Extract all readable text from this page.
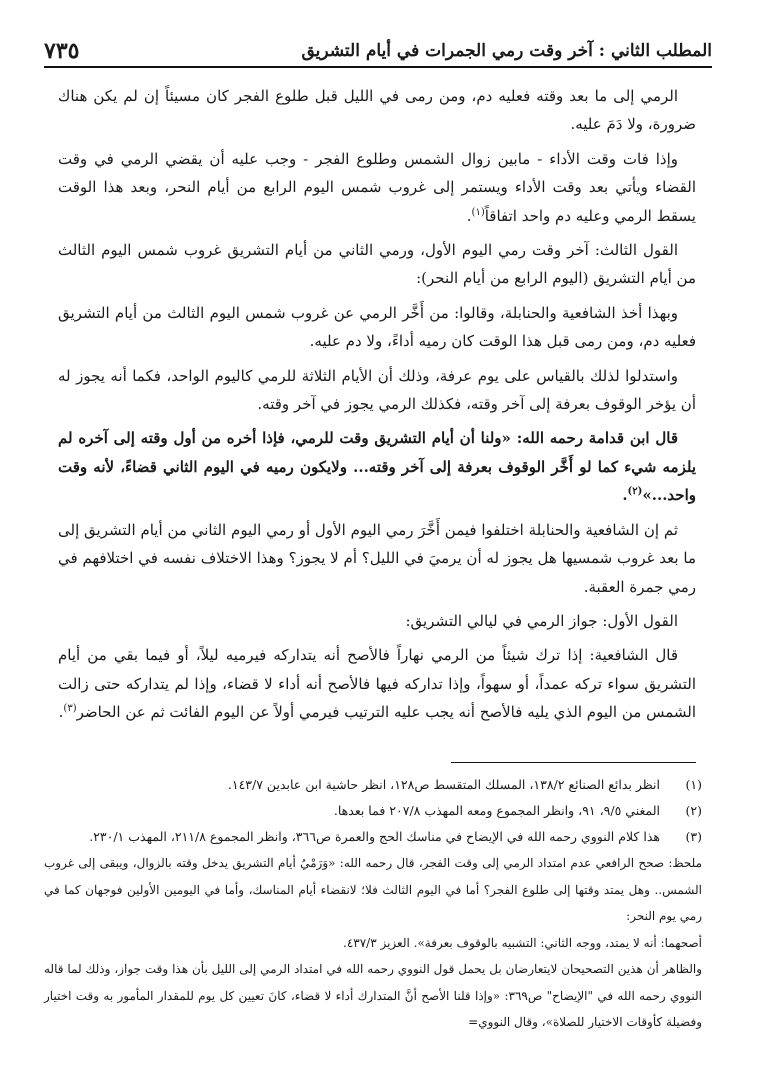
المطلب الثاني : آخر وقت رمي الجمرات في أيام التشريق
٧٣٥

الرمي إلى ما بعد وقته فعليه دم، ومن رمى في الليل قبل طلوع الفجر كان مسيئاً إن لم يكن هناك ضرورة، ولا دَمَ عليه.

وإذا فات وقت الأداء - مابين زوال الشمس وطلوع الفجر - وجب عليه أن يقضي الرمي في وقت القضاء ويأتي بعد وقت الأداء ويستمر إلى غروب شمس اليوم الرابع من أيام النحر، وبعد هذا الوقت يسقط الرمي وعليه دم واحد اتفاقاً$^{(١)}$.

القول الثالث: آخر وقت رمي اليوم الأول، ورمي الثاني من أيام التشريق غروب شمس اليوم الثالث من أيام التشريق (اليوم الرابع من أيام النحر):

وبهذا أخذ الشافعية والحنابلة، وقالوا: من أَخَّر الرمي عن غروب شمس اليوم الثالث من أيام التشريق فعليه دم، ومن رمى قبل هذا الوقت كان رميه أداءً، ولا دم عليه.

واستدلوا لذلك بالقياس على يوم عرفة، وذلك أن الأيام الثلاثة للرمي كاليوم الواحد، فكما أنه يجوز له أن يؤخر الوقوف بعرفة إلى آخر وقته، فكذلك الرمي يجوز في آخر وقته.

قال ابن قدامة رحمه الله: «ولنا أن أيام التشريق وقت للرمي، فإذا أخره من أول وقته إلى آخره لم يلزمه شيء كما لو أَخَّر الوقوف بعرفة إلى آخر وقته... ولايكون رميه في اليوم الثاني قضاءً، لأنه وقت واحد...»$^{(٢)}$.

ثم إن الشافعية والحنابلة اختلفوا فيمن أَخَّرَ رمي اليوم الأول أو رمي اليوم الثاني من أيام التشريق إلى ما بعد غروب شمسيها هل يجوز له أن يرميَ في الليل؟ أم لا يجوز؟ وهذا الاختلاف نفسه في اختلافهم في رمي جمرة العقبة.

القول الأول: جواز الرمي في ليالي التشريق:

قال الشافعية: إذا ترك شيئاً من الرمي نهاراً فالأصح أنه يتداركه فيرميه ليلاً، أو فيما بقي من أيام التشريق سواء تركه عمداً، أو سهواً، وإذا تداركه فيها فالأصح أنه أداء لا قضاء، وإذا لم يتداركه حتى زالت الشمس من اليوم الذي يليه فالأصح أنه يجب عليه الترتيب فيرمي أولاً عن اليوم الفائت ثم عن الحاضر$^{(٣)}$.

(١)
انظر بدائع الصنائع ١٣٨/٢، المسلك المتقسط ص١٢٨، انظر حاشية ابن عابدين ١٤٣/٧.
(٢)
المغني ٩/٥، ٩١، وانظر المجموع ومعه المهذب ٢٠٧/٨ فما بعدها.
(٣)
هذا كلام النووي رحمه الله في الإيضاح في مناسك الحج والعمرة ص٣٦٦، وانظر المجموع ٢١١/٨، المهذب ٢٣٠/١.

ملحظ: صحح الرافعي عدم امتداد الرمي إلى وقت الفجر، قال رحمه الله: «وَرَمْيُ أيام التشريق يدخل وقته بالزوال، ويبقى إلى غروب الشمس.. وهل يمتد وقتها إلى طلوع الفجر؟ أما في اليوم الثالث فلا؛ لانقضاء أيام المناسك، وأما في اليومين الأولين فوجهان كما في رمي يوم النحر:

أصحهما: أنه لا يمتد، ووجه الثاني: التشبيه بالوقوف بعرفة». العزيز ٤٣٧/٣.

والظاهر أن هذين التصحيحان لايتعارضان بل يحمل قول النووي رحمه الله في امتداد الرمي إلى الليل بأن هذا وقت جواز، وذلك لما قاله النووي رحمه الله في "الإيضاح" ص٣٦٩: «وإذا قلنا الأصح أنَّ المتدارك أداء لا قضاء، كانَ تعيين كل يوم للمقدار المأمور به وقت اختيار وفضيلة كأوقات الاختيار للصلاة»، وقال النووي=
